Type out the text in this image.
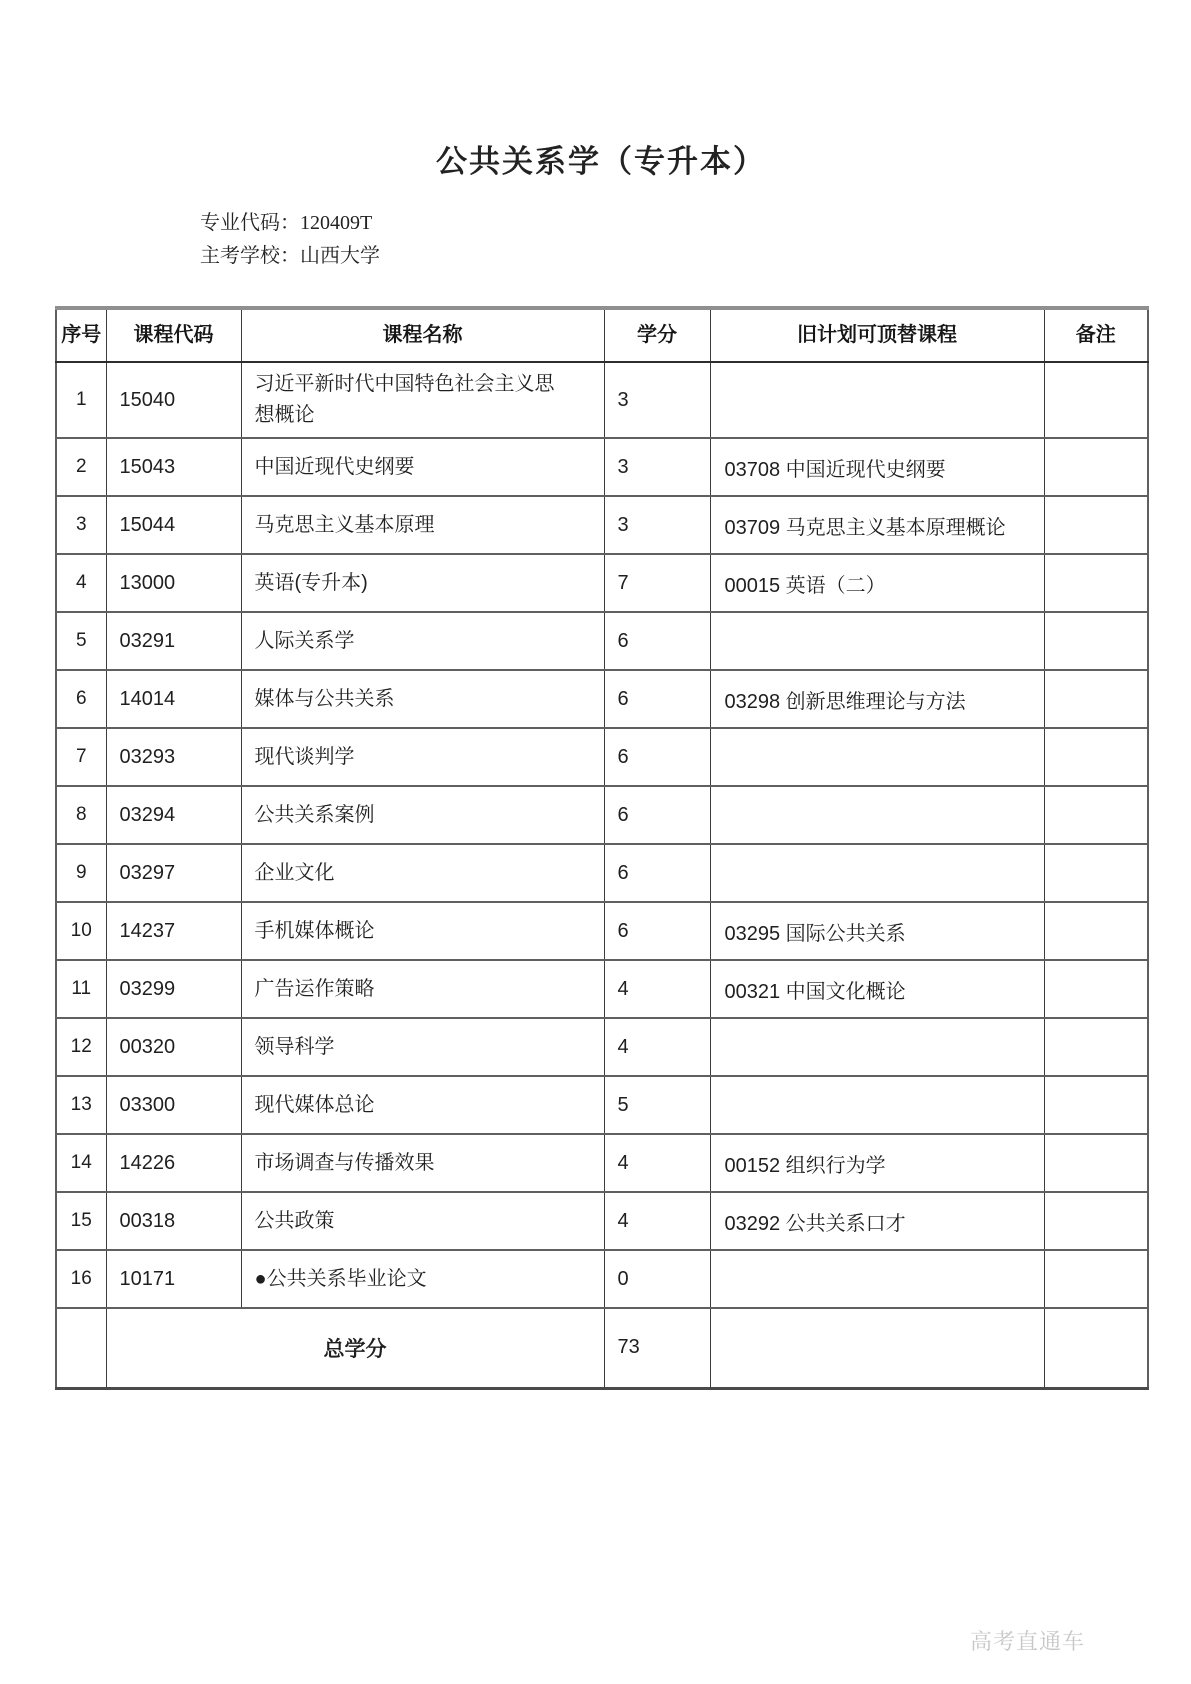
公共关系学（专升本）
专业代码：120409T
主考学校：山西大学
序号	课程代码	课程名称	学分	旧计划可顶替课程	备注
1	15040	习近平新时代中国特色社会主义思想概论	3		
2	15043	中国近现代史纲要	3	03708 中国近现代史纲要	
3	15044	马克思主义基本原理	3	03709 马克思主义基本原理概论	
4	13000	英语(专升本)	7	00015 英语（二）	
5	03291	人际关系学	6		
6	14014	媒体与公共关系	6	03298 创新思维理论与方法	
7	03293	现代谈判学	6		
8	03294	公共关系案例	6		
9	03297	企业文化	6		
10	14237	手机媒体概论	6	03295 国际公共关系	
11	03299	广告运作策略	4	00321 中国文化概论	
12	00320	领导科学	4		
13	03300	现代媒体总论	5		
14	14226	市场调查与传播效果	4	00152 组织行为学	
15	00318	公共政策	4	03292 公共关系口才	
16	10171	●公共关系毕业论文	0		
	总学分		73		
高考直通车
